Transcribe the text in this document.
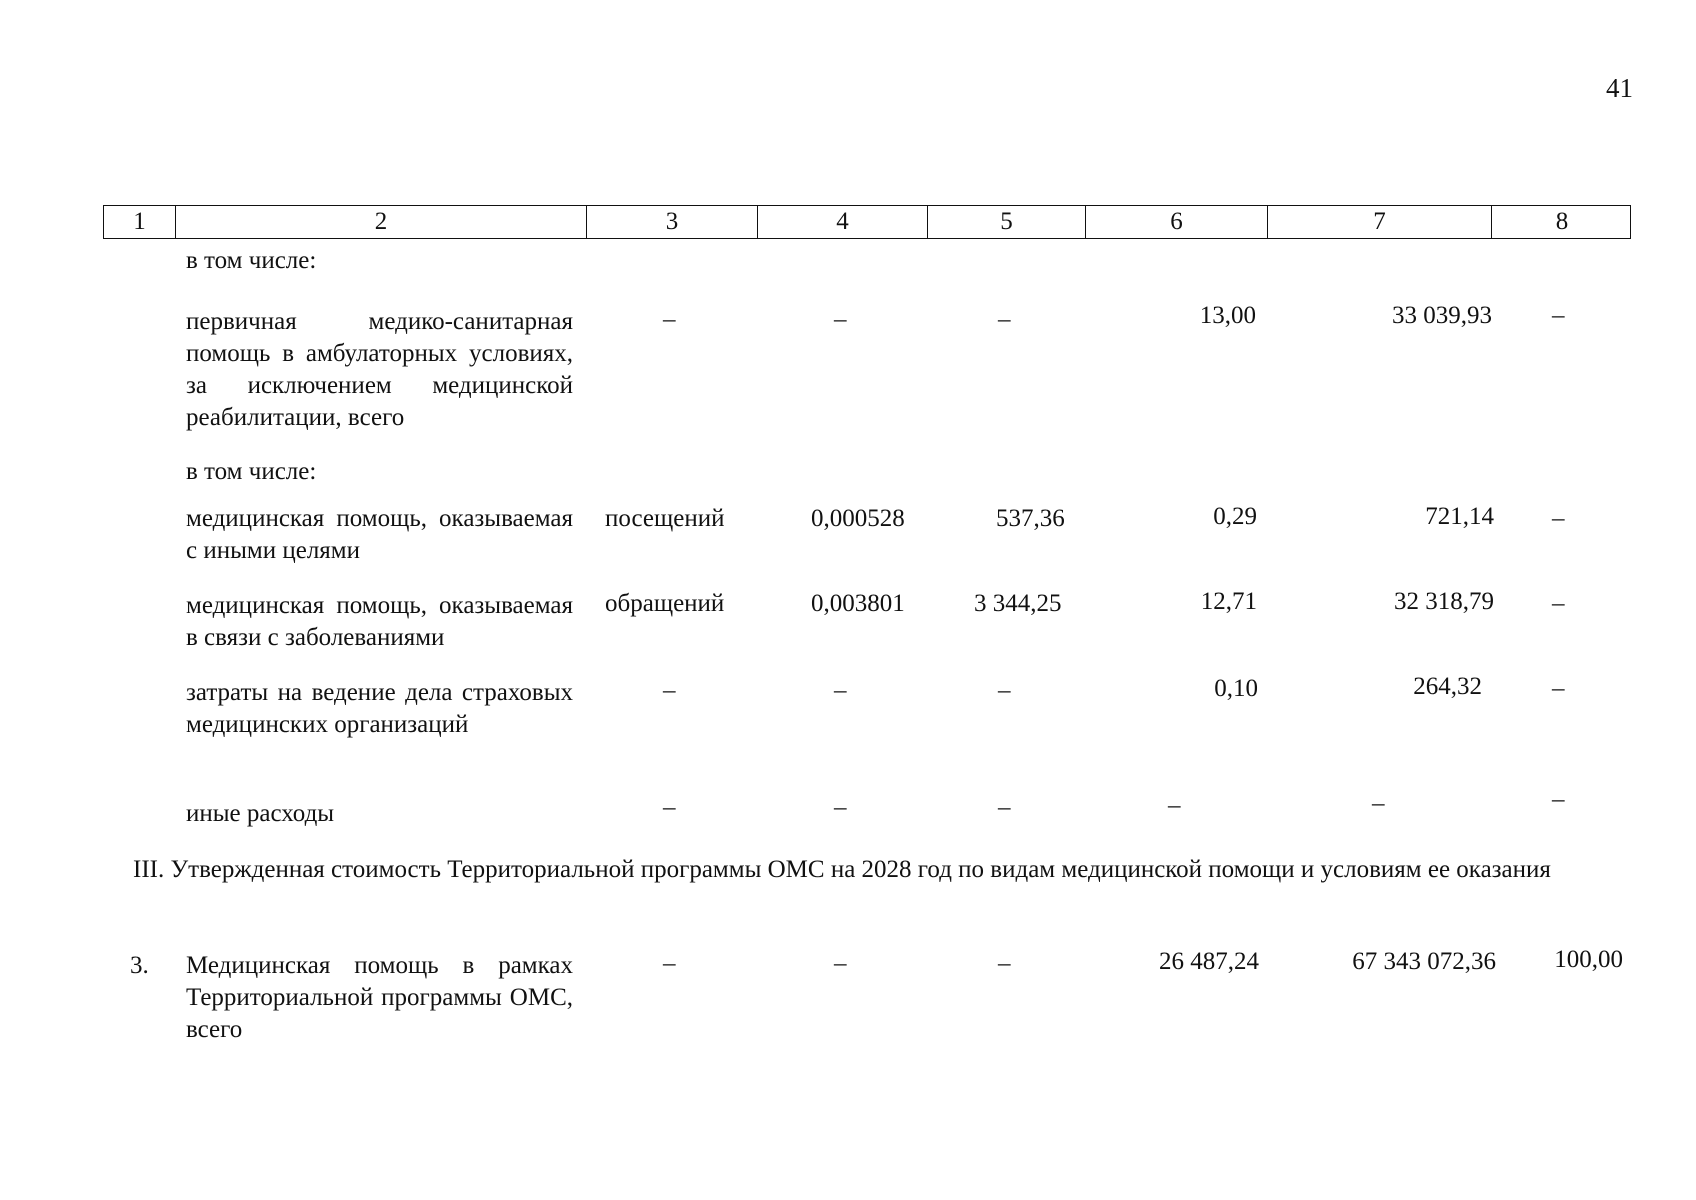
41
1	2	3	4	5	6	7	8
в том числе:
первичная медико-санитарная помощь в амбулаторных условиях, за исключением медицинской реабилитации, всего
–	–	–	13,00	33 039,93 –
в том числе:
медицинская помощь, оказываемая с иными целями
посещений	0,000528	537,36	0,29	721,14 –
медицинская помощь, оказываемая в связи с заболеваниями
обращений	0,003801	3 344,25	12,71	32 318,79 –
затраты на ведение дела страховых медицинских организаций
–	–	–	0,10	264,32	–
иные расходы	–	–	–	–	–	–
III. Утвержденная стоимость Территориальной программы ОМС на 2028 год по видам медицинской помощи и условиям ее оказания
3. Медицинская помощь в рамках Территориальной программы ОМС, всего
–	–	–	26 487,24	67 343 072,36 100,00
